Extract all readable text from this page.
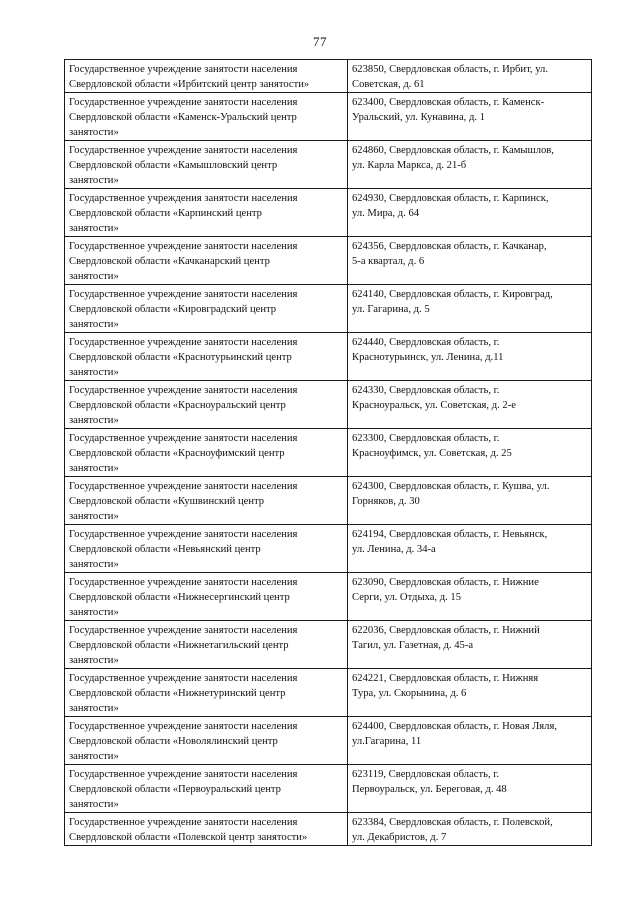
77
Государственное учреждение занятости населения
Свердловской области «Ирбитский центр занятости»	623850, Свердловская область, г. Ирбит, ул.
Советская, д. 61

Государственное учреждение занятости населения
Свердловской области «Каменск-Уральский центр
занятости»	623400, Свердловская область, г. Каменск-
Уральский, ул. Кунавина, д. 1

Государственное учреждение занятости населения
Свердловской области «Камышловский центр
занятости»	624860, Свердловская область, г. Камышлов,
ул. Карла Маркса, д. 21-б

Государственное учреждения занятости населения
Свердловской области «Карпинский центр
занятости»	624930, Свердловская область, г. Карпинск,
ул. Мира, д. 64

Государственное учреждение занятости населения
Свердловской области «Качканарский центр
занятости»	624356, Свердловская область, г. Качканар,
5-а квартал, д. 6

Государственное учреждение занятости населения
Свердловской области «Кировградский центр
занятости»	624140, Свердловская область, г. Кировград,
ул. Гагарина, д. 5

Государственное учреждение занятости населения
Свердловской области «Краснотурьинский центр
занятости»	624440, Свердловская область, г.
Краснотурьинск, ул. Ленина, д.11

Государственное учреждение занятости населения
Свердловской области «Красноуральский центр
занятости»	624330, Свердловская область, г.
Красноуральск, ул. Советская, д. 2-е

Государственное учреждение занятости населения
Свердловской области «Красноуфимский центр
занятости»	623300, Свердловская область, г.
Красноуфимск, ул. Советская, д. 25

Государственное учреждение занятости населения
Свердловской области «Кушвинский центр
занятости»	624300, Свердловская область, г. Кушва, ул.
Горняков, д. 30

Государственное учреждение занятости населения
Свердловской области «Невьянский центр
занятости»	624194, Свердловская область, г. Невьянск,
ул. Ленина, д. 34-а

Государственное учреждение занятости населения
Свердловской области «Нижнесергинский центр
занятости»	623090, Свердловская область, г. Нижние
Серги, ул. Отдыха, д. 15

Государственное учреждение занятости населения
Свердловской области «Нижнетагильский центр
занятости»	622036, Свердловская область, г. Нижний
Тагил, ул. Газетная, д. 45-а

Государственное учреждение занятости населения
Свердловской области «Нижнетуринский центр
занятости»	624221, Свердловская область, г. Нижняя
Тура, ул. Скорынина, д. 6

Государственное учреждение занятости населения
Свердловской области «Новолялинский центр
занятости»	624400, Свердловская область, г. Новая Ляля,
ул.Гагарина, 11

Государственное учреждение занятости населения
Свердловской области «Первоуральский центр
занятости»	623119, Свердловская область, г.
Первоуральск, ул. Береговая, д. 48

Государственное учреждение занятости населения
Свердловской области «Полевской центр занятости»	623384, Свердловская область, г. Полевской,
ул. Декабристов, д. 7
